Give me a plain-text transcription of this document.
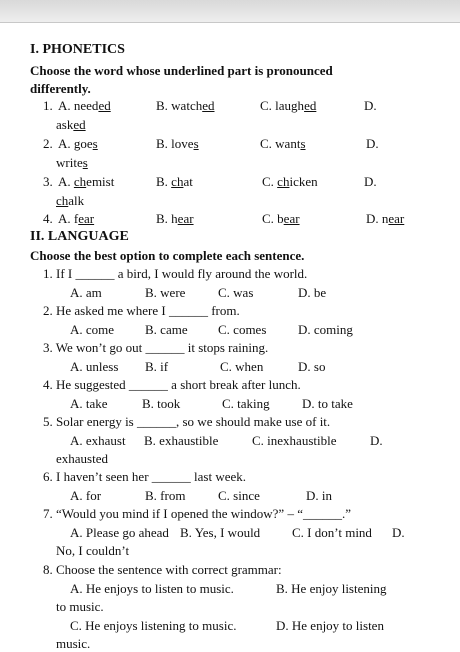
I. PHONETICS
Choose the word whose underlined part is pronounced
differently.
1. A. needed	B. watched	C. laughed	D.
asked
2. A. goes	B. loves	C. wants	D.
writes
3. A. chemist	B. chat	C. chicken	D.
chalk
4. A. fear	B. hear	C. bear	D. near
II. LANGUAGE
Choose the best option to complete each sentence.
1. If I ______ a bird, I would fly around the world.
A. am	B. were	C. was	D. be
2. He asked me where I ______ from.
A. come B. came C. comes D. coming
3. We won’t go out ______ it stops raining.
A. unless B. if	C. when	D. so
4. He suggested ______ a short break after lunch.
A. take	B. took	C. taking D. to take
5. Solar energy is ______, so we should make use of it.
A. exhaust B. exhaustible	C. inexhaustible	D.
exhausted
6. I haven’t seen her ______ last week.
A. for	B. from	C. since	D. in
7. “Would you mind if I opened the window?” – “______.”
A. Please go ahead B. Yes, I would C. I don’t mind D.
No, I couldn’t
8. Choose the sentence with correct grammar:
A. He enjoys to listen to music.	B. He enjoy listening
to music.
C. He enjoys listening to music.	D. He enjoy to listen
music.
